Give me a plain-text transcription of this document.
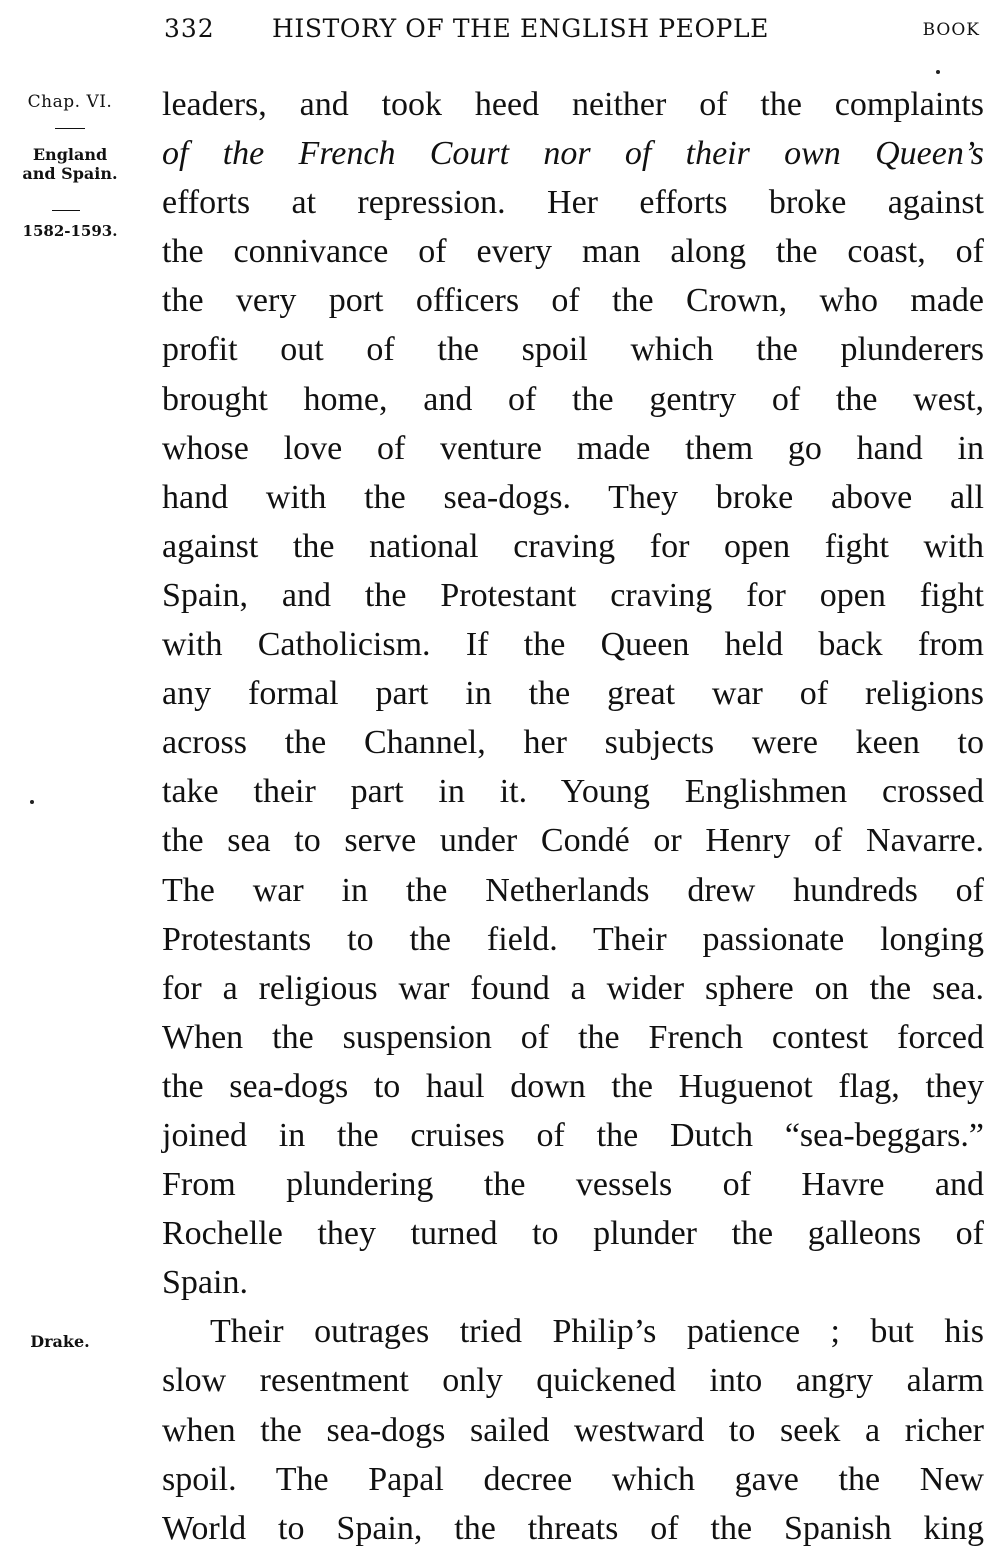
332 HISTORY OF THE ENGLISH PEOPLE	BOOK
Chap. VI.
England
and Spain.
1582-1593.
Drake.
leaders, and took heed neither of the complaints
of the French Court nor of their own Queen’s
efforts at repression. Her efforts broke against
the connivance of every man along the coast, of
the very port officers of the Crown, who made
profit out of the spoil which the plunderers
brought home, and of the gentry of the west,
whose love of venture made them go hand in
hand with the sea-dogs. They broke above all
against the national craving for open fight with
Spain, and the Protestant craving for open fight
with Catholicism. If the Queen held back from
any formal part in the great war of religions
across the Channel, her subjects were keen to
take their part in it. Young Englishmen crossed
the sea to serve under Condé or Henry of Navarre.
The war in the Netherlands drew hundreds of
Protestants to the field. Their passionate longing
for a religious war found a wider sphere on the sea.
When the suspension of the French contest forced
the sea-dogs to haul down the Huguenot flag, they
joined in the cruises of the Dutch “sea-beggars.”
From plundering the vessels of Havre and
Rochelle they turned to plunder the galleons of
Spain.
Their outrages tried Philip’s patience ; but his
slow resentment only quickened into angry alarm
when the sea-dogs sailed westward to seek a richer
spoil. The Papal decree which gave the New
World to Spain, the threats of the Spanish king
